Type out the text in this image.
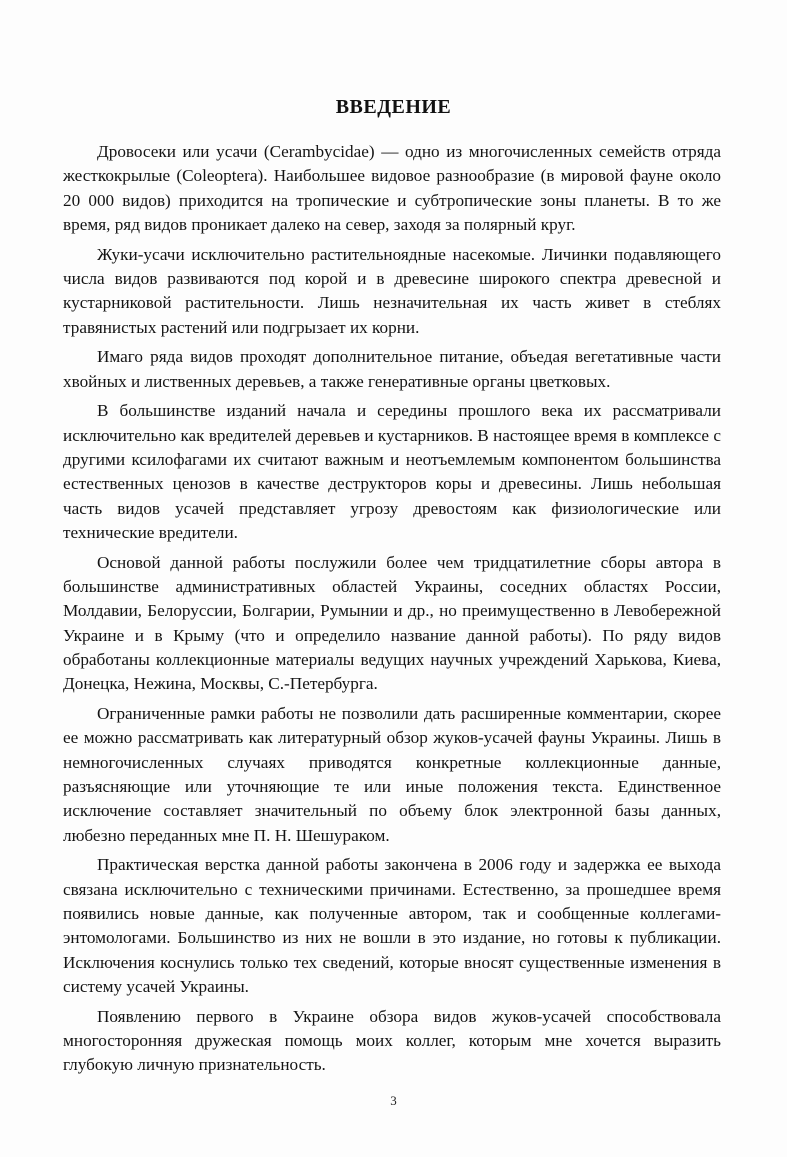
ВВЕДЕНИЕ

Дровосеки или усачи (Cerambycidae) — одно из многочисленных семейств отряда жесткокрылые (Coleoptera). Наибольшее видовое разнообразие (в мировой фауне около 20 000 видов) приходится на тропические и субтропические зоны планеты. В то же время, ряд видов проникает далеко на север, заходя за полярный круг.

Жуки-усачи исключительно растительноядные насекомые. Личинки подавляющего числа видов развиваются под корой и в древесине широкого спектра древесной и кустарниковой растительности. Лишь незначительная их часть живет в стеблях травянистых растений или подгрызает их корни.

Имаго ряда видов проходят дополнительное питание, объедая вегетативные части хвойных и лиственных деревьев, а также генеративные органы цветковых.

В большинстве изданий начала и середины прошлого века их рассматривали исключительно как вредителей деревьев и кустарников. В настоящее время в комплексе с другими ксилофагами их считают важным и неотъемлемым компонентом большинства естественных ценозов в качестве деструкторов коры и древесины. Лишь небольшая часть видов усачей представляет угрозу древостоям как физиологические или технические вредители.

Основой данной работы послужили более чем тридцатилетние сборы автора в большинстве административных областей Украины, соседних областях России, Молдавии, Белоруссии, Болгарии, Румынии и др., но преимущественно в Левобережной Украине и в Крыму (что и определило название данной работы). По ряду видов обработаны коллекционные материалы ведущих научных учреждений Харькова, Киева, Донецка, Нежина, Москвы, С.-Петербурга.

Ограниченные рамки работы не позволили дать расширенные комментарии, скорее ее можно рассматривать как литературный обзор жуков-усачей фауны Украины. Лишь в немногочисленных случаях приводятся конкретные коллекционные данные, разъясняющие или уточняющие те или иные положения текста. Единственное исключение составляет значительный по объему блок электронной базы данных, любезно переданных мне П. Н. Шешураком.

Практическая верстка данной работы закончена в 2006 году и задержка ее выхода связана исключительно с техническими причинами. Естественно, за прошедшее время появились новые данные, как полученные автором, так и сообщенные коллегами-энтомологами. Большинство из них не вошли в это издание, но готовы к публикации. Исключения коснулись только тех сведений, которые вносят существенные изменения в систему усачей Украины.

Появлению первого в Украине обзора видов жуков-усачей способствовала многосторонняя дружеская помощь моих коллег, которым мне хочется выразить глубокую личную признательность.

3
